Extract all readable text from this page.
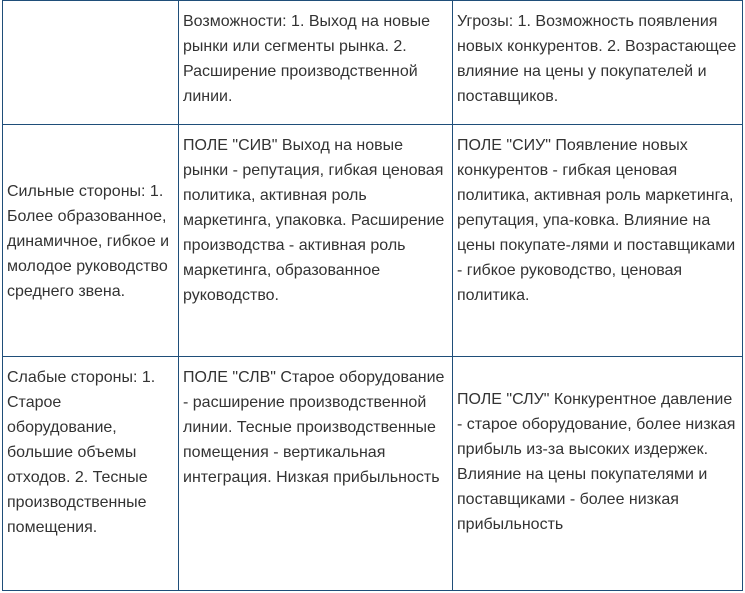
	Возможности: 1. Выход на новые рынки или сегменты рынка. 2. Расширение производственной линии.	Угрозы: 1. Возможность появления новых конкурентов. 2. Возрастающее влияние на цены у покупателей и поставщиков.
Сильные стороны: 1. Более образованное, динамичное, гибкое и молодое руководство среднего звена.	ПОЛЕ "СИВ" Выход на новые рынки - репутация, гибкая ценовая политика, активная роль маркетинга, упаковка. Расширение производства - активная роль маркетинга, образованное руководство.	ПОЛЕ "СИУ" Появление новых конкурентов - гибкая ценовая политика, активная роль маркетинга, репутация, упа-ковка. Влияние на цены покупате-лями и поставщиками - гибкое руководство, ценовая политика.
Слабые стороны: 1. Старое оборудование, большие объемы отходов. 2. Тесные производственные помещения.	ПОЛЕ "СЛВ" Старое оборудование - расширение производственной линии. Тесные производственные помещения - вертикальная интеграция. Низкая прибыльность	ПОЛЕ "СЛУ" Конкурентное давление - старое оборудование, более низкая прибыль из-за высоких издержек. Влияние на цены покупателями и поставщиками - более низкая прибыльность
